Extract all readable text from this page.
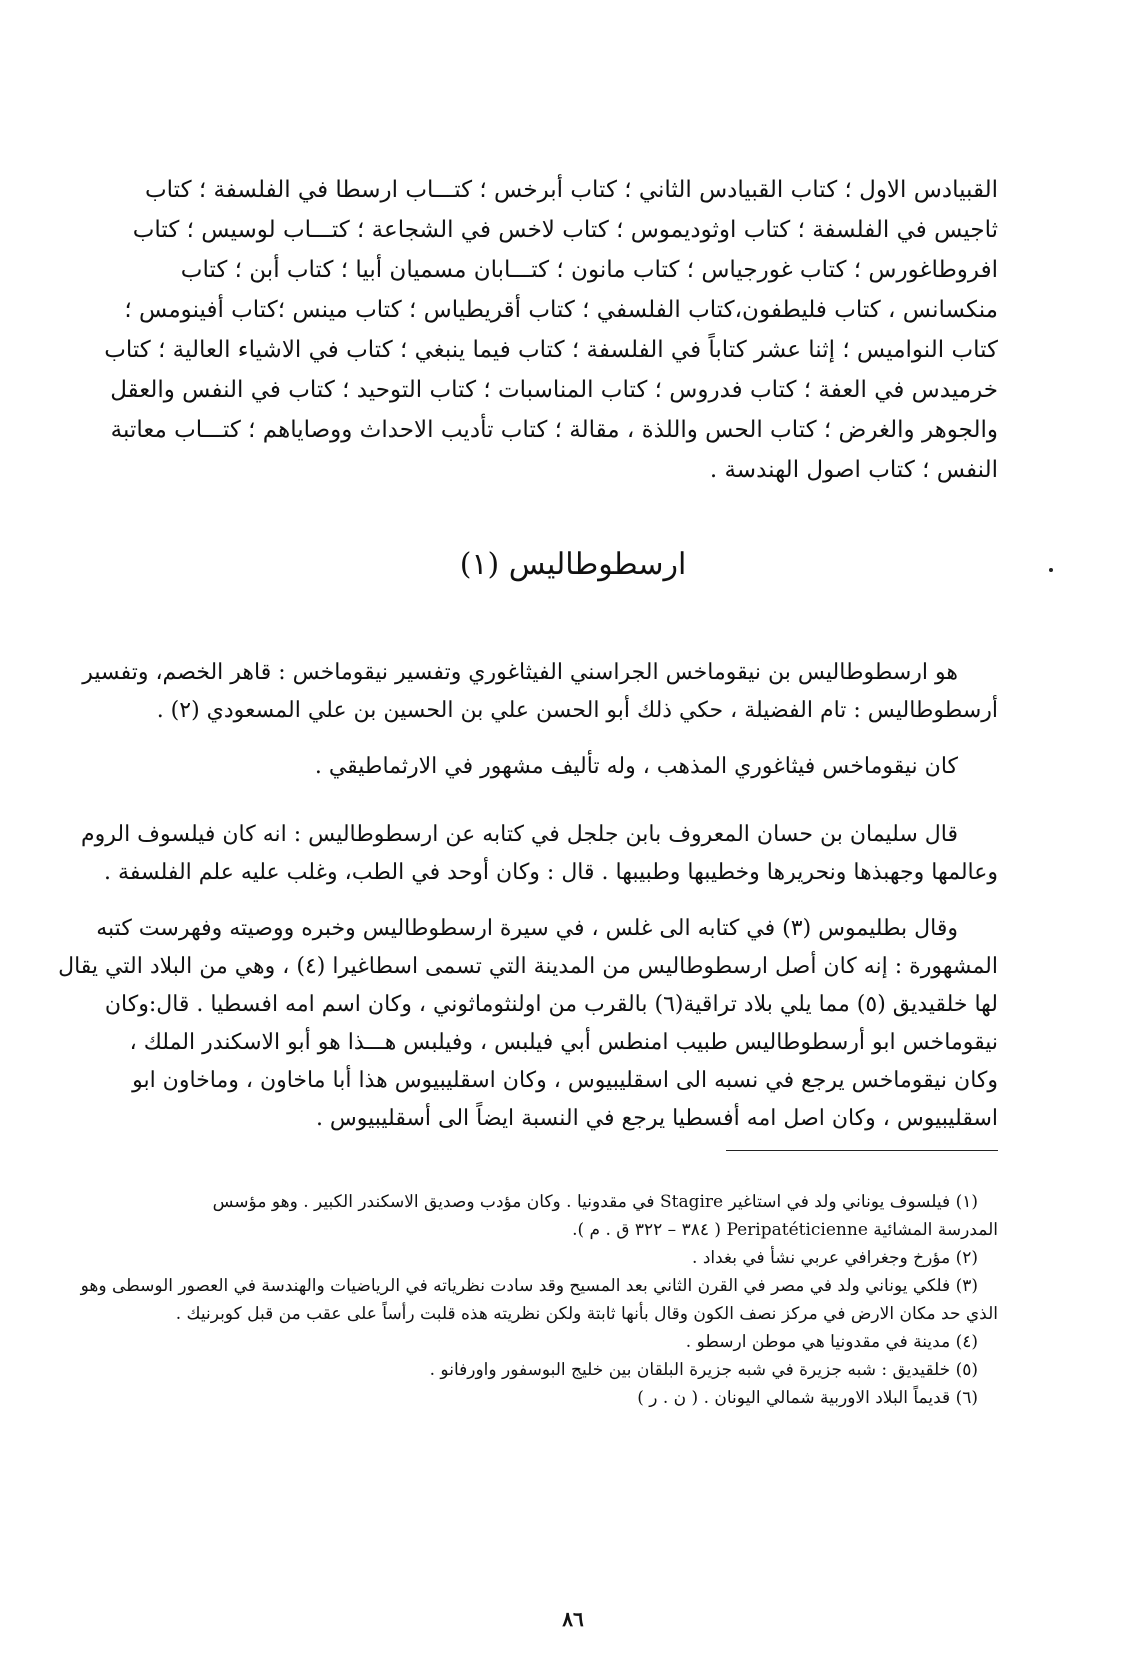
القبيادس الاول ؛ كتاب القبيادس الثاني ؛ كتاب أبرخس ؛ كتـــاب ارسطا في الفلسفة ؛ كتاب
ثاجيس في الفلسفة ؛ كتاب اوثوديموس ؛ كتاب لاخس في الشجاعة ؛ كتـــاب لوسيس ؛ كتاب
افروطاغورس ؛ كتاب غورجياس ؛ كتاب مانون ؛ كتـــابان مسميان أبيا ؛ كتاب أبن ؛ كتاب
منكسانس ، كتاب فليطفون،كتاب الفلسفي ؛ كتاب أقريطياس ؛ كتاب مينس ؛كتاب أفينومس ؛
كتاب النواميس ؛ إثنا عشر كتاباً في الفلسفة ؛ كتاب فيما ينبغي ؛ كتاب في الاشياء العالية ؛ كتاب
خرميدس في العفة ؛ كتاب فدروس ؛ كتاب المناسبات ؛ كتاب التوحيد ؛ كتاب في النفس والعقل
والجوهر والغرض ؛ كتاب الحس واللذة ، مقالة ؛ كتاب تأديب الاحداث ووصاياهم ؛ كتـــاب معاتبة
النفس ؛ كتاب اصول الهندسة .
ارسطوطاليس (١)
هو ارسطوطاليس بن نيقوماخس الجراسني الفيثاغوري وتفسير نيقوماخس : قاهر الخصم، وتفسير
أرسطوطاليس : تام الفضيلة ، حكي ذلك أبو الحسن علي بن الحسين بن علي المسعودي (٢) .
كان نيقوماخس فيثاغوري المذهب ، وله تأليف مشهور في الارثماطيقي .
قال سليمان بن حسان المعروف بابن جلجل في كتابه عن ارسطوطاليس : انه كان فيلسوف الروم
وعالمها وجهبذها ونحريرها وخطيبها وطبيبها . قال : وكان أوحد في الطب، وغلب عليه علم الفلسفة .
وقال بطليموس (٣) في كتابه الى غلس ، في سيرة ارسطوطاليس وخبره ووصيته وفهرست كتبه
المشهورة : إنه كان أصل ارسطوطاليس من المدينة التي تسمى اسطاغيرا (٤) ، وهي من البلاد التي يقال
لها خلقيديق (٥) مما يلي بلاد تراقية(٦) بالقرب من اولنثوماثوني ، وكان اسم امه افسطيا . قال:وكان
نيقوماخس ابو أرسطوطاليس طبيب امنطس أبي فيلبس ، وفيلبس هـــذا هو أبو الاسكندر الملك ،
وكان نيقوماخس يرجع في نسبه الى اسقليبيوس ، وكان اسقليبيوس هذا أبا ماخاون ، وماخاون ابو
اسقليبيوس ، وكان اصل امه أفسطيا يرجع في النسبة ايضاً الى أسقليبيوس .
(١) فيلسوف يوناني ولد في استاغير Stagire في مقدونيا . وكان مؤدب وصديق الاسكندر الكبير . وهو مؤسس
المدرسة المشائية Peripatéticienne ( ٣٨٤ – ٣٢٢ ق . م ).
(٢) مؤرخ وجغرافي عربي نشأ في بغداد .
(٣) فلكي يوناني ولد في مصر في القرن الثاني بعد المسيح وقد سادت نظرياته في الرياضيات والهندسة في العصور الوسطى وهو
الذي حد مكان الارض في مركز نصف الكون وقال بأنها ثابتة ولكن نظريته هذه قلبت رأساً على عقب من قبل كوبرنيك .
(٤) مدينة في مقدونيا هي موطن ارسطو .
(٥) خلقيديق : شبه جزيرة في شبه جزيرة البلقان بين خليج البوسفور واورفانو .
(٦) قديماً البلاد الاوربية شمالي اليونان . ( ن . ر )
٨٦
